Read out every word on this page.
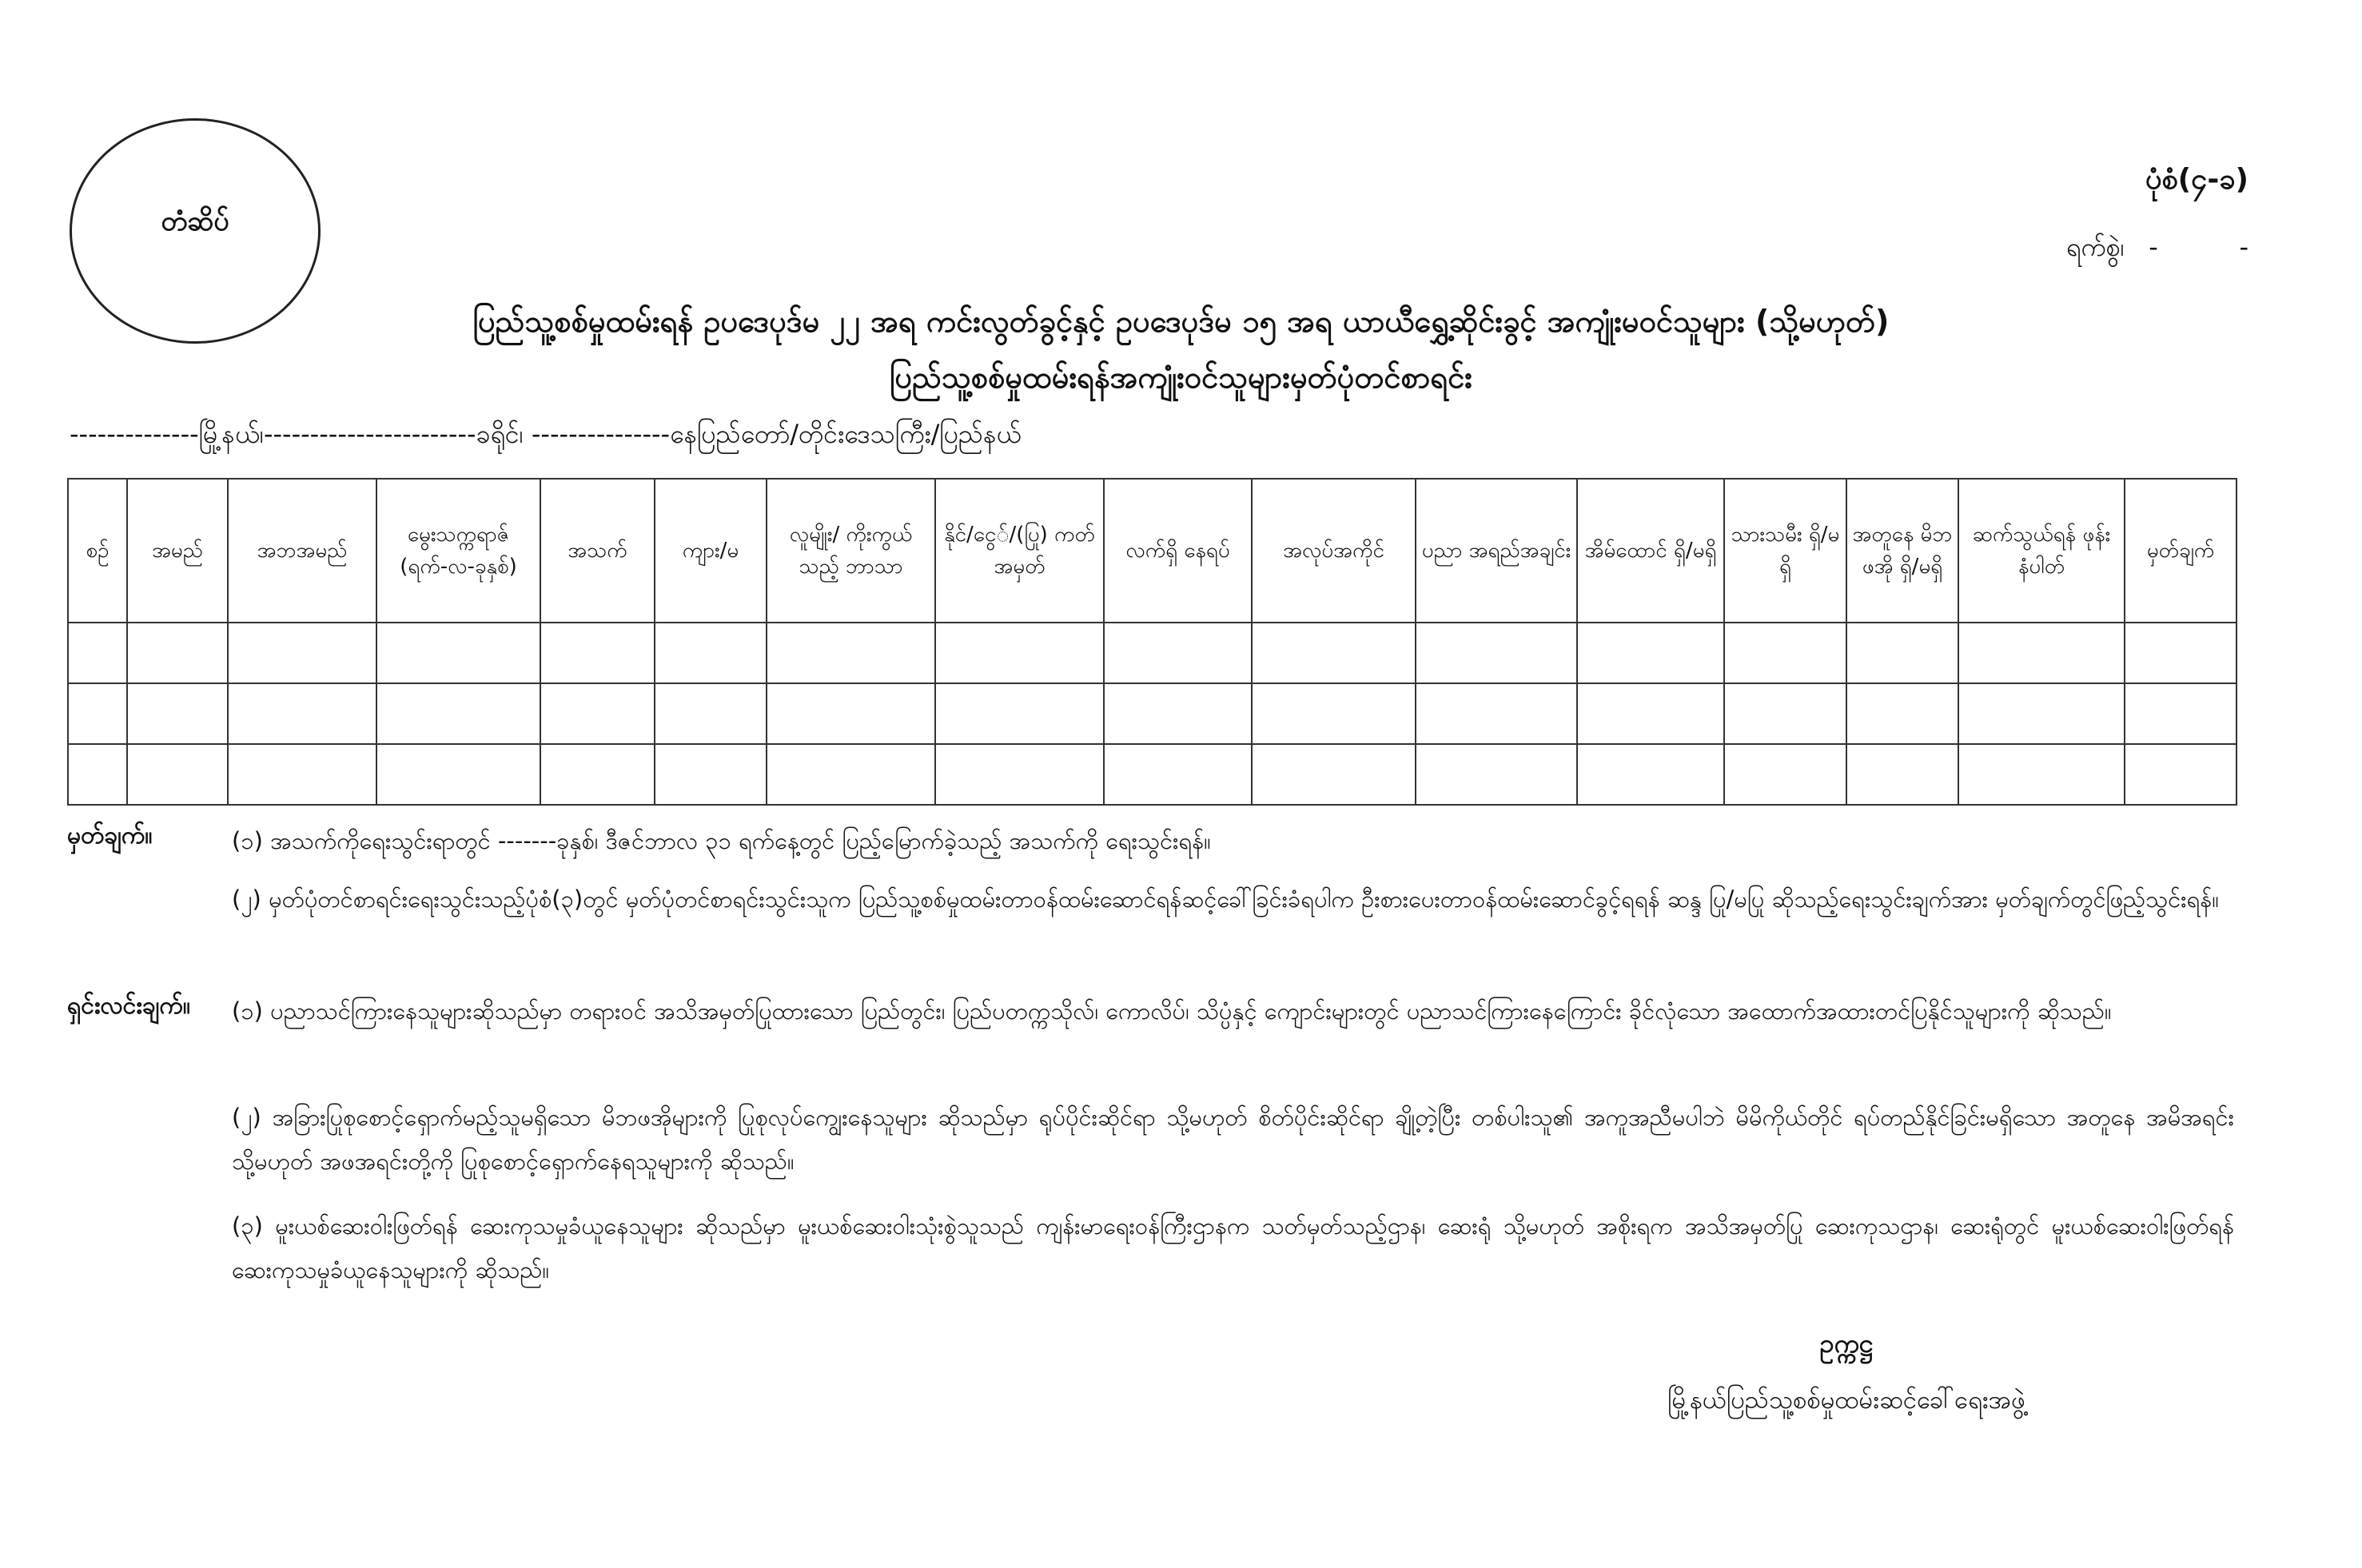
တံဆိပ်
ပုံစံ(၄-ခ)
ရက်စွဲ၊ -          -
ပြည်သူ့စစ်မှုထမ်းရန် ဥပဒေပုဒ်မ ၂၂ အရ ကင်းလွတ်ခွင့်နှင့် ဥပဒေပုဒ်မ ၁၅ အရ ယာယီရွှေ့ဆိုင်းခွင့် အကျုံးမဝင်သူများ (သို့မဟုတ်)
ပြည်သူ့စစ်မှုထမ်းရန်အကျုံးဝင်သူများမှတ်ပုံတင်စာရင်း
--------------မြို့နယ်၊-----------------------ခရိုင်၊ ---------------နေပြည်တော်/တိုင်းဒေသကြီး/ပြည်နယ်
စဉ်	အမည်	အဘအမည်	မွေးသက္ကရာဇ် (ရက်-လ-ခုနှစ်)	အသက်	ကျား/မ	လူမျိုး/ ကိုးကွယ်သည့် ဘာသာ	နိုင်/ငွေ်/(ပြု) ကတ်အမှတ်	လက်ရှိ နေရပ်	အလုပ်အကိုင်	ပညာ အရည်အချင်း	အိမ်ထောင် ရှိ/မရှိ	သားသမီး ရှိ/မရှိ	အတူနေ မိဘဖအို ရှိ/မရှိ	ဆက်သွယ်ရန် ဖုန်းနံပါတ်	မှတ်ချက်

မှတ်ချက်။	(၁) အသက်ကိုရေးသွင်းရာတွင် -------ခုနှစ်၊ ဒီဇင်ဘာလ ၃၁ ရက်နေ့တွင် ပြည့်မြောက်ခဲ့သည့် အသက်ကို ရေးသွင်းရန်။
(၂) မှတ်ပုံတင်စာရင်းရေးသွင်းသည့်ပုံစံ(၃)တွင် မှတ်ပုံတင်စာရင်းသွင်းသူက ပြည်သူ့စစ်မှုထမ်းတာဝန်ထမ်းဆောင်ရန်ဆင့်ခေါ်ခြင်းခံရပါက ဦးစားပေးတာဝန်ထမ်းဆောင်ခွင့်ရရန် ဆန္ဒ ပြု/မပြု ဆိုသည့်ရေးသွင်းချက်အား မှတ်ချက်တွင်ဖြည့်သွင်းရန်။
ရှင်းလင်းချက်။ (၁) ပညာသင်ကြားနေသူများဆိုသည်မှာ တရားဝင် အသိအမှတ်ပြုထားသော ပြည်တွင်း၊ ပြည်ပတက္ကသိုလ်၊ ကောလိပ်၊ သိပ္ပံနှင့် ကျောင်းများတွင် ပညာသင်ကြားနေကြောင်း ခိုင်လုံသော အထောက်အထားတင်ပြနိုင်သူများကို ဆိုသည်။
(၂) အခြားပြုစုစောင့်ရှောက်မည့်သူမရှိသော မိဘဖအိုများကို ပြုစုလုပ်ကျွေးနေသူများ ဆိုသည်မှာ ရုပ်ပိုင်းဆိုင်ရာ သို့မဟုတ် စိတ်ပိုင်းဆိုင်ရာ ချို့တဲ့ပြီး တစ်ပါးသူ၏ အကူအညီမပါဘဲ မိမိကိုယ်တိုင် ရပ်တည်နိုင်ခြင်းမရှိသော အတူနေ အမိအရင်း သို့မဟုတ် အဖအရင်းတို့ကို ပြုစုစောင့်ရှောက်နေရသူများကို ဆိုသည်။
(၃) မူးယစ်ဆေးဝါးဖြတ်ရန် ဆေးကုသမှုခံယူနေသူများ ဆိုသည်မှာ မူးယစ်ဆေးဝါးသုံးစွဲသူသည် ကျန်းမာရေးဝန်ကြီးဌာနက သတ်မှတ်သည့်ဌာန၊ ဆေးရုံ သို့မဟုတ် အစိုးရက အသိအမှတ်ပြု ဆေးကုသဌာန၊ ဆေးရုံတွင် မူးယစ်ဆေးဝါးဖြတ်ရန် ဆေးကုသမှုခံယူနေသူများကို ဆိုသည်။
ဥက္ကဋ္ဌ
မြို့နယ်ပြည်သူ့စစ်မှုထမ်းဆင့်ခေါ်ရေးအဖွဲ့
